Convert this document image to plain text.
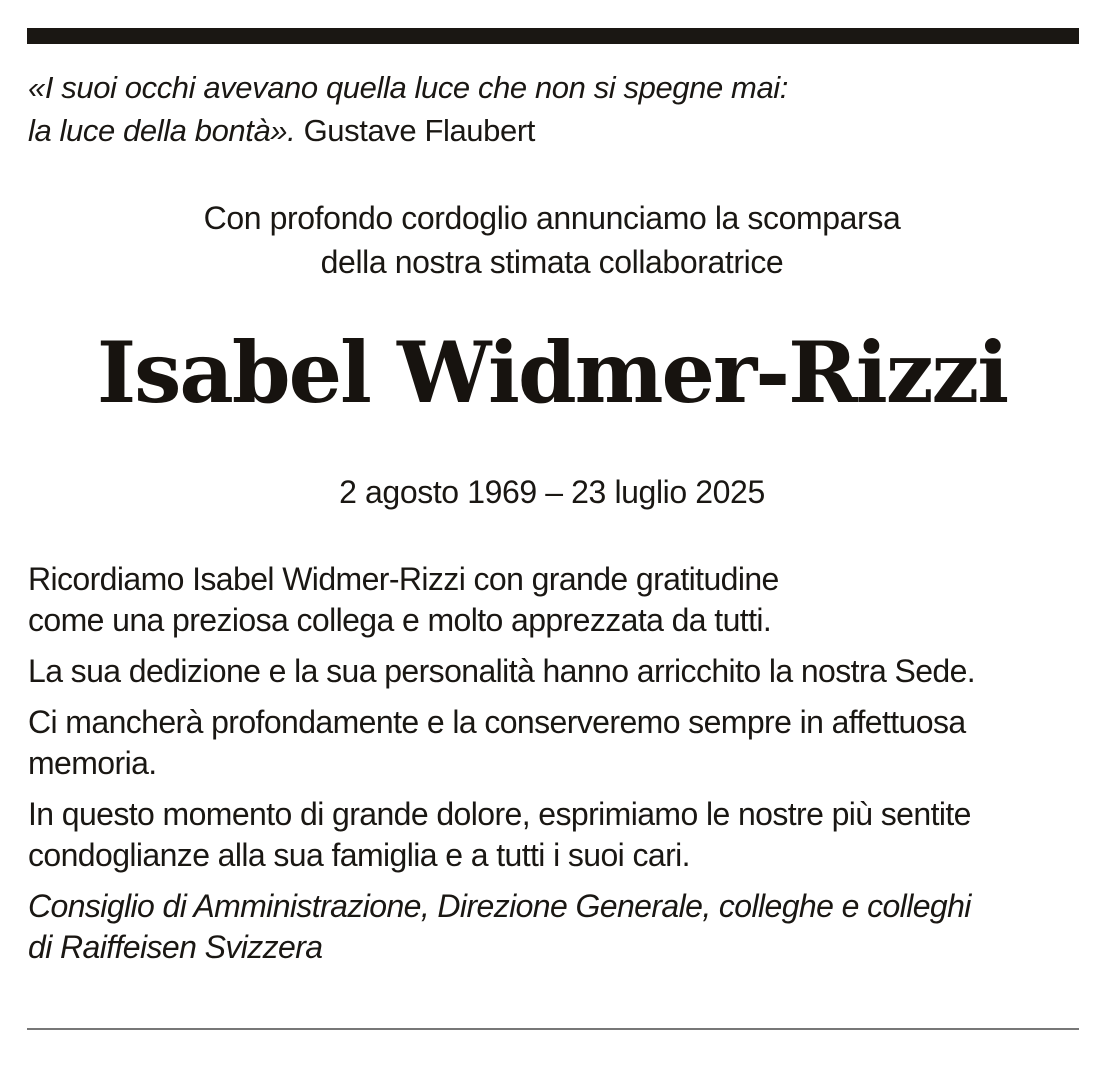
«I suoi occhi avevano quella luce che non si spegne mai:
la luce della bontà». Gustave Flaubert
Con profondo cordoglio annunciamo la scomparsa
della nostra stimata collaboratrice
Isabel Widmer-Rizzi
2 agosto 1969 – 23 luglio 2025
Ricordiamo Isabel Widmer-Rizzi con grande gratitudine
come una preziosa collega e molto apprezzata da tutti.
La sua dedizione e la sua personalità hanno arricchito la nostra Sede.
Ci mancherà profondamente e la conserveremo sempre in affettuosa
memoria.
In questo momento di grande dolore, esprimiamo le nostre più sentite
condoglianze alla sua famiglia e a tutti i suoi cari.
Consiglio di Amministrazione, Direzione Generale, colleghe e colleghi
di Raiffeisen Svizzera
